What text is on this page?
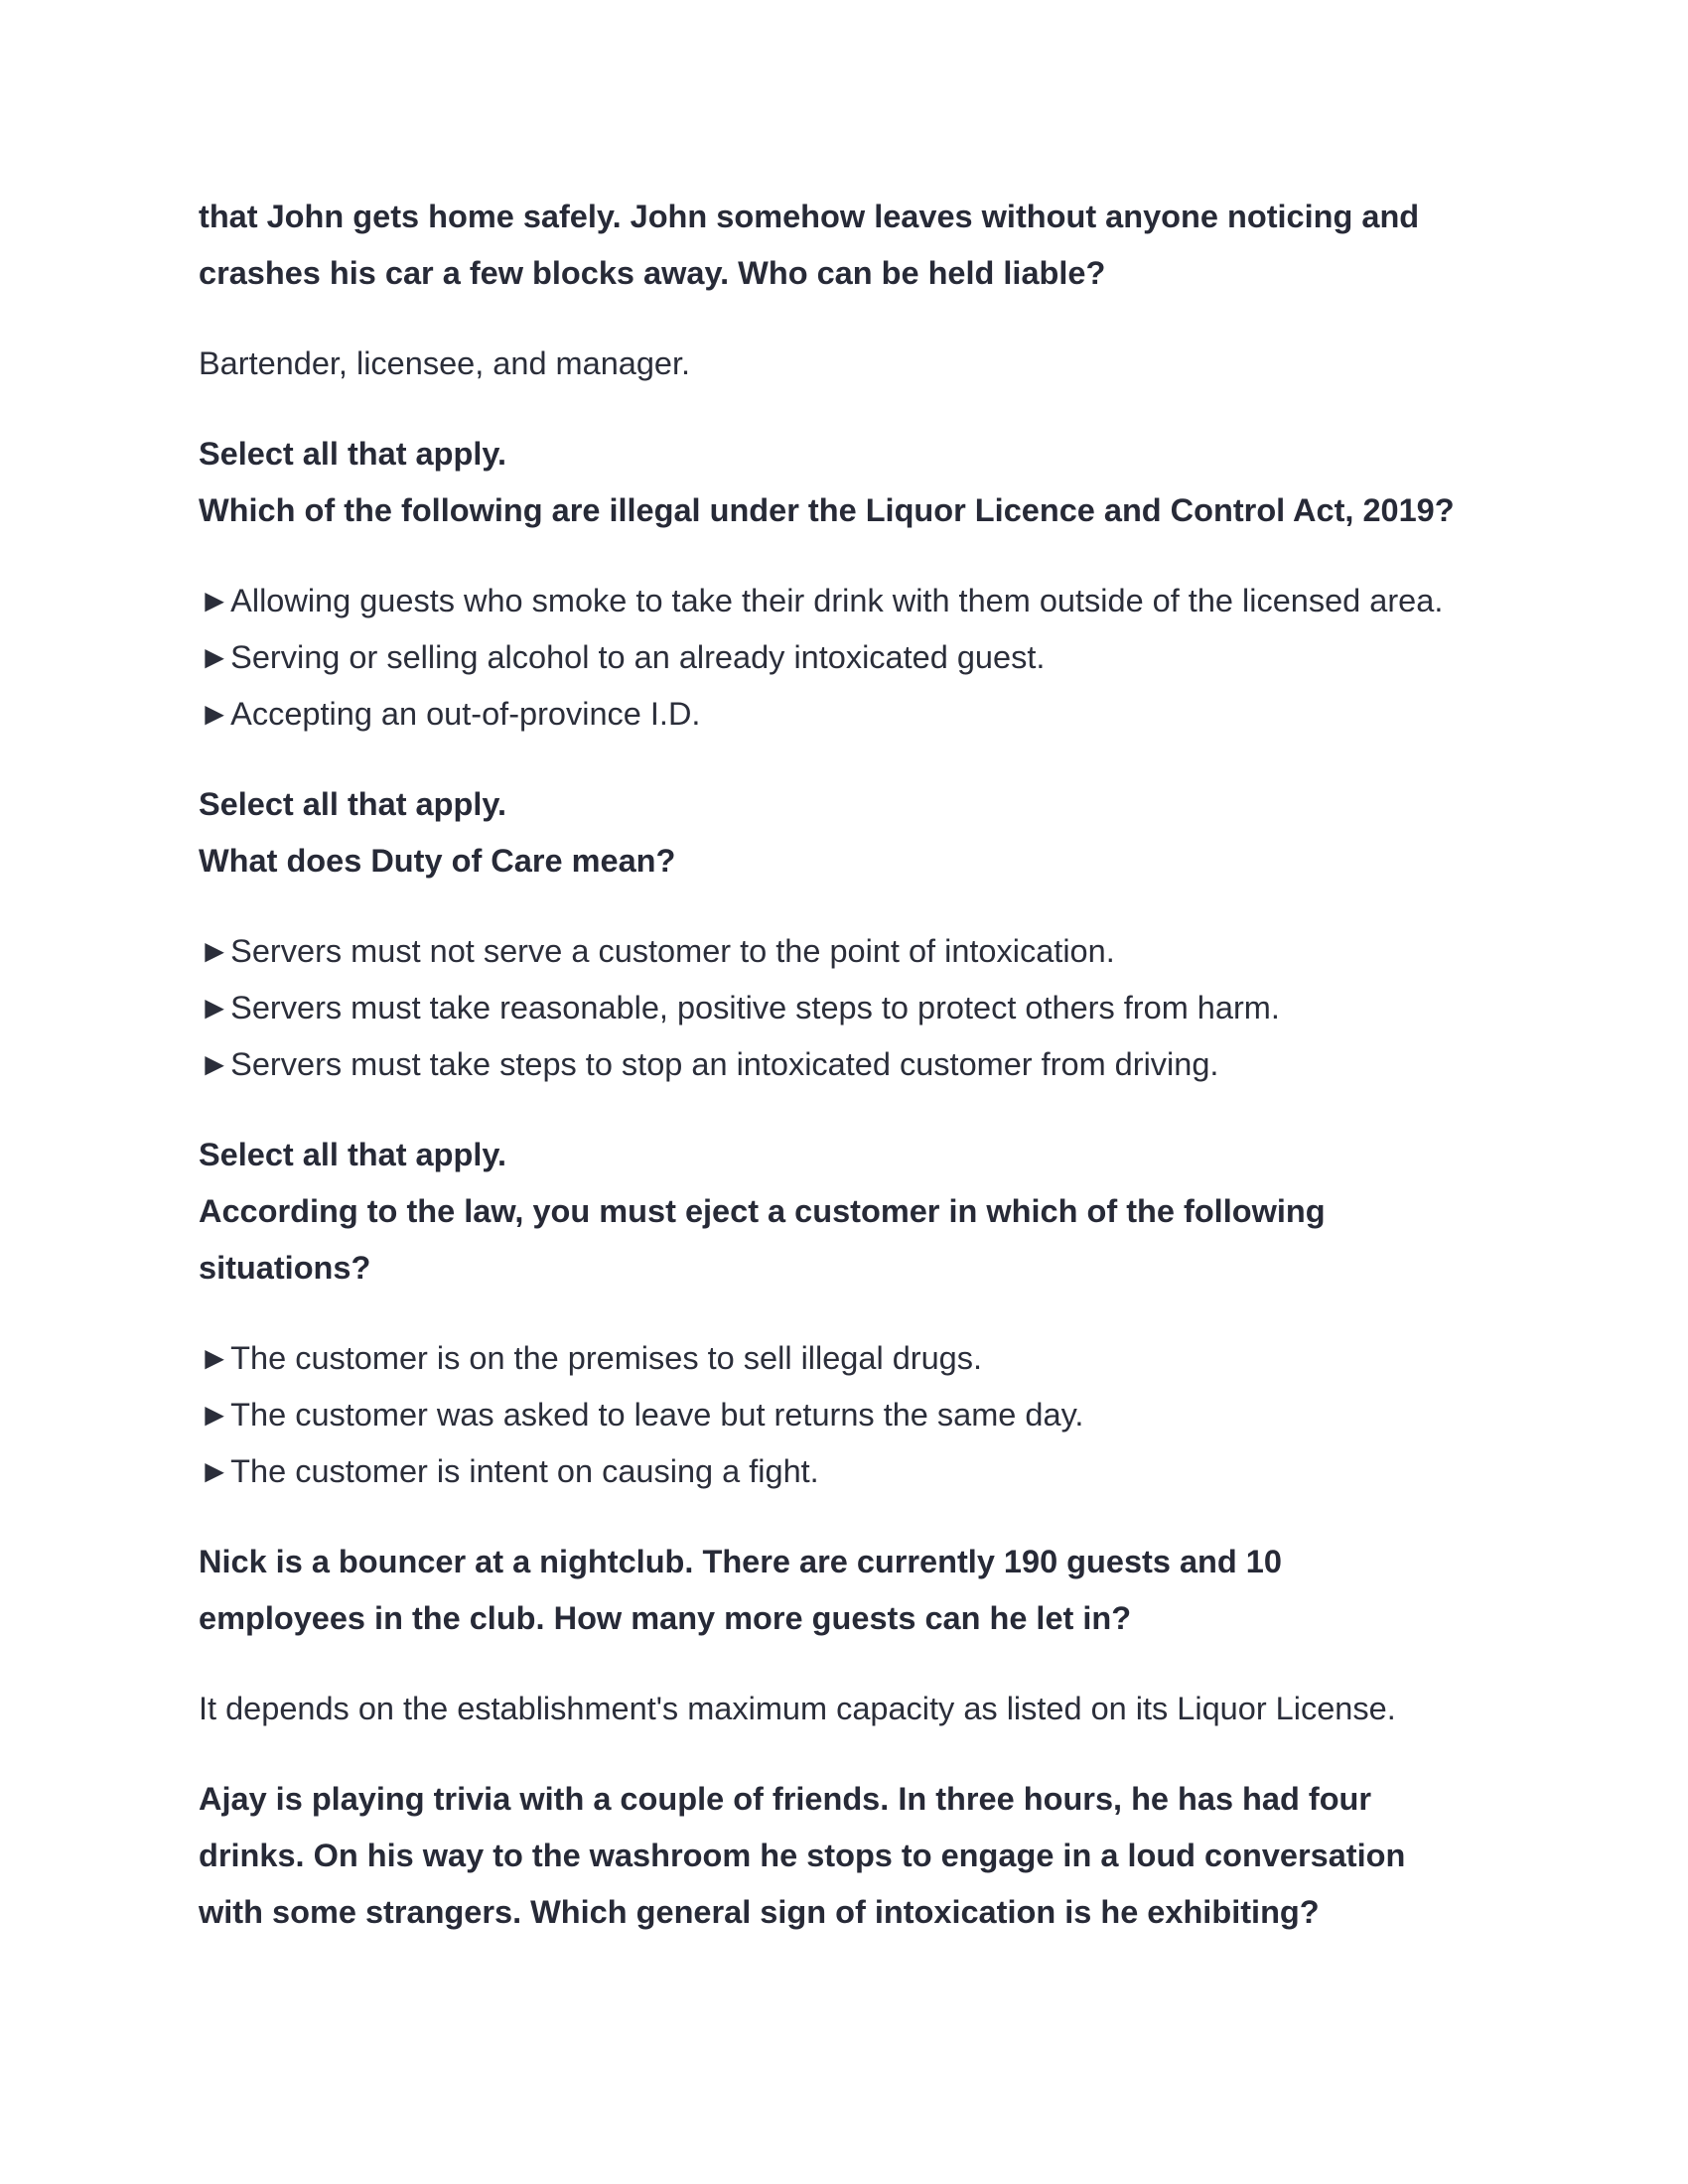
that John gets home safely. John somehow leaves without anyone noticing and
crashes his car a few blocks away. Who can be held liable?

Bartender, licensee, and manager.

Select all that apply.

Which of the following are illegal under the Liquor Licence and Control Act, 2019?

►Allowing guests who smoke to take their drink with them outside of the licensed area.
►Serving or selling alcohol to an already intoxicated guest.
►Accepting an out-of-province I.D.

Select all that apply.

What does Duty of Care mean?

►Servers must not serve a customer to the point of intoxication.
►Servers must take reasonable, positive steps to protect others from harm.
►Servers must take steps to stop an intoxicated customer from driving.

Select all that apply.

According to the law, you must eject a customer in which of the following
situations?

►The customer is on the premises to sell illegal drugs.
►The customer was asked to leave but returns the same day.
►The customer is intent on causing a fight.

Nick is a bouncer at a nightclub. There are currently 190 guests and 10
employees in the club. How many more guests can he let in?

It depends on the establishment's maximum capacity as listed on its Liquor License.

Ajay is playing trivia with a couple of friends. In three hours, he has had four
drinks. On his way to the washroom he stops to engage in a loud conversation
with some strangers. Which general sign of intoxication is he exhibiting?
